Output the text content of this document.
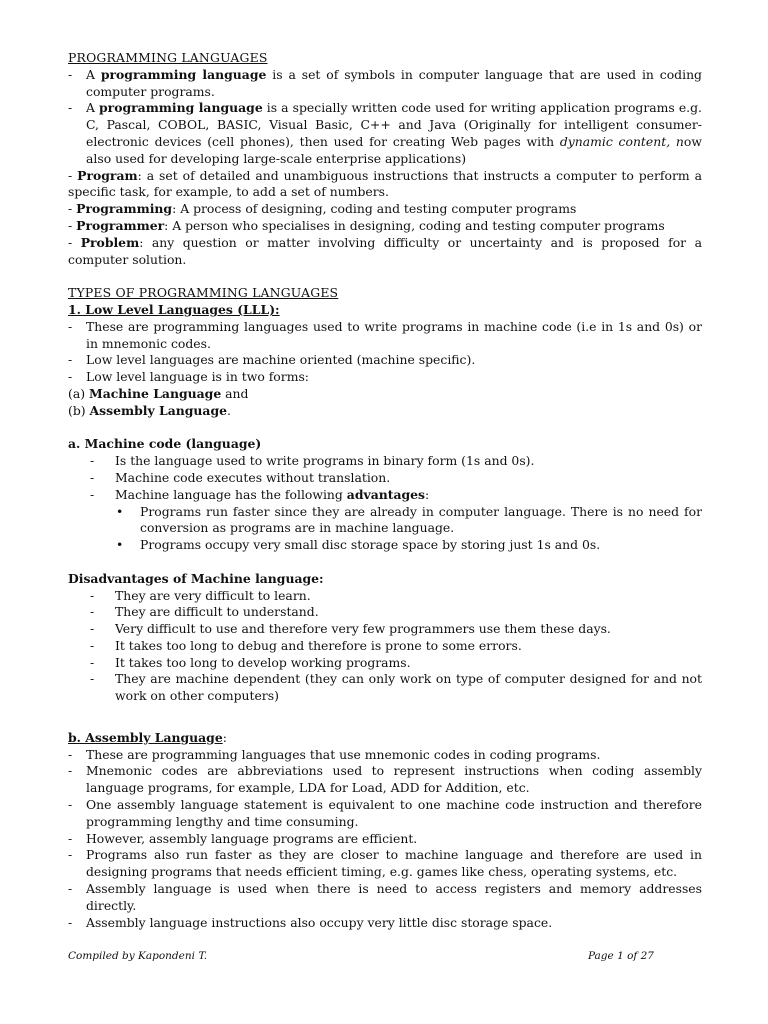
PROGRAMMING LANGUAGES
- A programming language is a set of symbols in computer language that are used in coding computer programs.
- A programming language is a specially written code used for writing application programs e.g. C, Pascal, COBOL, BASIC, Visual Basic, C++ and Java (Originally for intelligent consumer-electronic devices (cell phones), then used for creating Web pages with dynamic content, now also used for developing large-scale enterprise applications)
- Program: a set of detailed and unambiguous instructions that instructs a computer to perform a specific task, for example, to add a set of numbers.
- Programming: A process of designing, coding and testing computer programs
- Programmer: A person who specialises in designing, coding and testing computer programs
- Problem: any question or matter involving difficulty or uncertainty and is proposed for a computer solution.
TYPES OF PROGRAMMING LANGUAGES
1. Low Level Languages (LLL):
- These are programming languages used to write programs in machine code (i.e in 1s and 0s) or in mnemonic codes.
- Low level languages are machine oriented (machine specific).
- Low level language is in two forms:
(a) Machine Language and
(b) Assembly Language.
a. Machine code (language)
- Is the language used to write programs in binary form (1s and 0s).
- Machine code executes without translation.
- Machine language has the following advantages:
• Programs run faster since they are already in computer language. There is no need for conversion as programs are in machine language.
• Programs occupy very small disc storage space by storing just 1s and 0s.
Disadvantages of Machine language:
- They are very difficult to learn.
- They are difficult to understand.
- Very difficult to use and therefore very few programmers use them these days.
- It takes too long to debug and therefore is prone to some errors.
- It takes too long to develop working programs.
- They are machine dependent (they can only work on type of computer designed for and not work on other computers)
b. Assembly Language:
- These are programming languages that use mnemonic codes in coding programs.
- Mnemonic codes are abbreviations used to represent instructions when coding assembly language programs, for example, LDA for Load, ADD for Addition, etc.
- One assembly language statement is equivalent to one machine code instruction and therefore programming lengthy and time consuming.
- However, assembly language programs are efficient.
- Programs also run faster as they are closer to machine language and therefore are used in designing programs that needs efficient timing, e.g. games like chess, operating systems, etc.
- Assembly language is used when there is need to access registers and memory addresses directly.
- Assembly language instructions also occupy very little disc storage space.
Compiled by Kapondeni T.	Page 1 of 27
